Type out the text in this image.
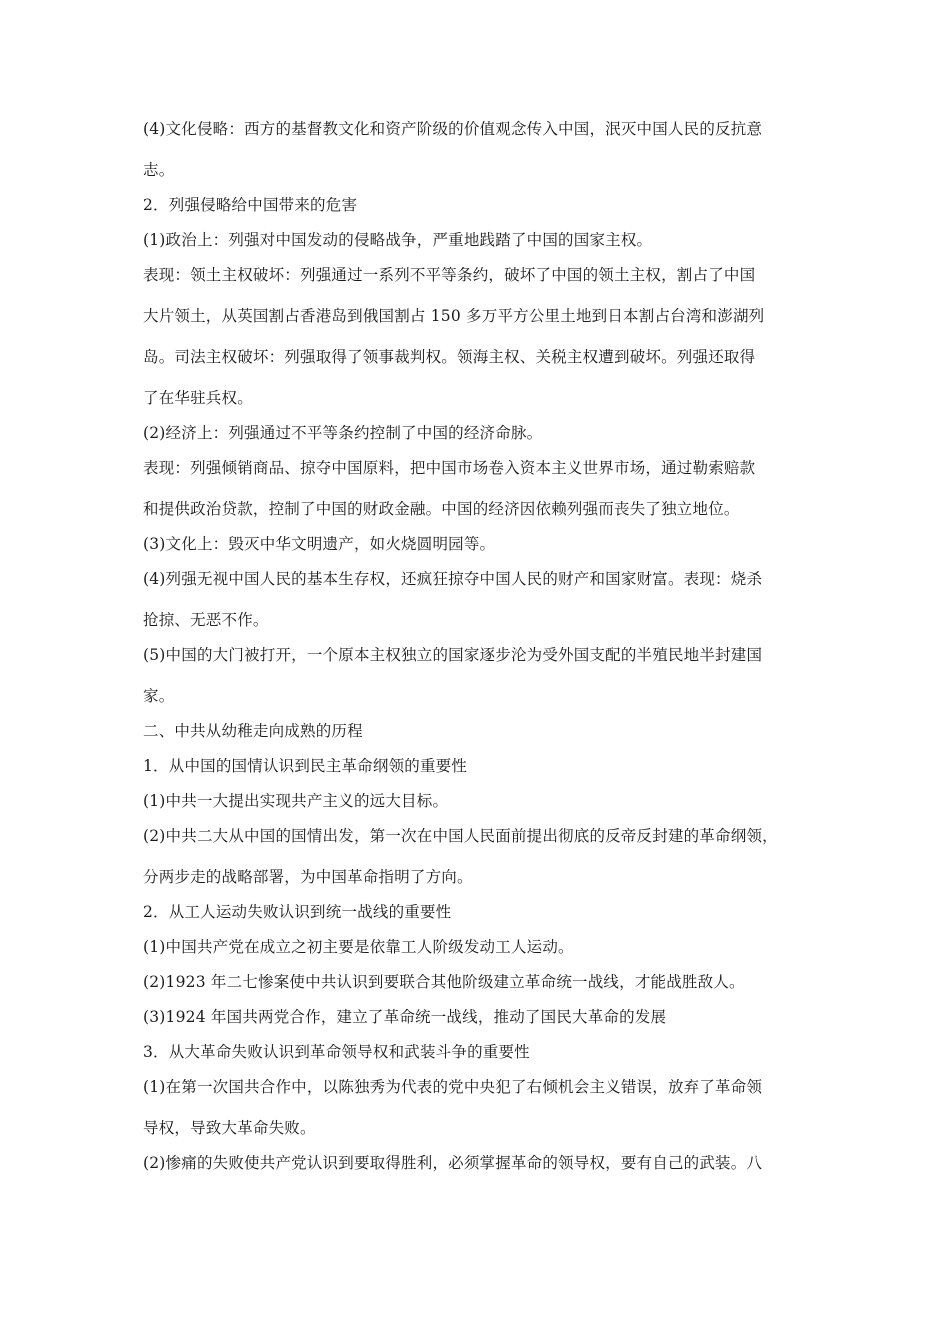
(4)文化侵略：西方的基督教文化和资产阶级的价值观念传入中国，泯灭中国人民的反抗意

志。

2．列强侵略给中国带来的危害

(1)政治上：列强对中国发动的侵略战争，严重地践踏了中国的国家主权。

表现：领土主权破坏：列强通过一系列不平等条约，破坏了中国的领土主权，割占了中国

大片领土，从英国割占香港岛到俄国割占 150 多万平方公里土地到日本割占台湾和澎湖列

岛。司法主权破坏：列强取得了领事裁判权。领海主权、关税主权遭到破坏。列强还取得

了在华驻兵权。

(2)经济上：列强通过不平等条约控制了中国的经济命脉。

表现：列强倾销商品、掠夺中国原料，把中国市场卷入资本主义世界市场，通过勒索赔款

和提供政治贷款，控制了中国的财政金融。中国的经济因依赖列强而丧失了独立地位。

(3)文化上：毁灭中华文明遗产，如火烧圆明园等。

(4)列强无视中国人民的基本生存权，还疯狂掠夺中国人民的财产和国家财富。表现：烧杀

抢掠、无恶不作。

(5)中国的大门被打开，一个原本主权独立的国家逐步沦为受外国支配的半殖民地半封建国

家。

二、中共从幼稚走向成熟的历程

1．从中国的国情认识到民主革命纲领的重要性

(1)中共一大提出实现共产主义的远大目标。

(2)中共二大从中国的国情出发，第一次在中国人民面前提出彻底的反帝反封建的革命纲领，

分两步走的战略部署，为中国革命指明了方向。

2．从工人运动失败认识到统一战线的重要性

(1)中国共产党在成立之初主要是依靠工人阶级发动工人运动。

(2)1923 年二七惨案使中共认识到要联合其他阶级建立革命统一战线，才能战胜敌人。

(3)1924 年国共两党合作，建立了革命统一战线，推动了国民大革命的发展

3．从大革命失败认识到革命领导权和武装斗争的重要性

(1)在第一次国共合作中，以陈独秀为代表的党中央犯了右倾机会主义错误，放弃了革命领

导权，导致大革命失败。

(2)惨痛的失败使共产党认识到要取得胜利，必须掌握革命的领导权，要有自己的武装。八
